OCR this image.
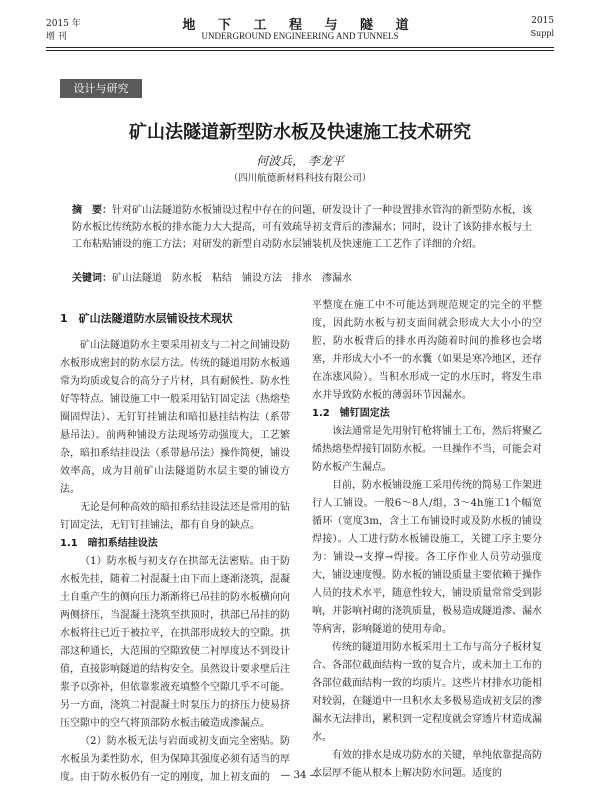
2015 年
增 刊
地 下 工 程 与 隧 道
UNDERGROUND ENGINEERING AND TUNNELS
2015
Suppl
设计与研究
矿山法隧道新型防水板及快速施工技术研究
何波兵， 李龙平
（四川航德新材料科技有限公司）
摘　要：针对矿山法隧道防水板铺设过程中存在的问题，研发设计了一种设置排水管沟的新型防水板，该防水板比传统防水板的排水能力大大提高，可有效疏导初支背后的渗漏水；同时，设计了该防排水板与土工布粘贴铺设的施工方法；对研发的新型自动防水层铺装机及快速施工工艺作了详细的介绍。
关键词：矿山法隧道　防水板　粘结　铺设方法　排水　渗漏水
1　矿山法隧道防水层铺设技术现状

矿山法隧道防水主要采用初支与二衬之间铺设防水板形成密封的防水层方法。传统的隧道用防水板通常为均质或复合的高分子片材，具有耐候性、防水性好等特点。铺设施工中一般采用钻钉固定法（热熔垫圈固焊法）、无钉钉挂铺法和暗扣悬挂结构法（系带悬吊法）。前两种铺设方法现场劳动强度大，工艺繁杂，暗扣系结挂设法（系带悬吊法）操作简便，铺设效率高，成为目前矿山法隧道防水层主要的铺设方法。

无论是何种高效的暗扣系结挂设法还是常用的钻钉固定法，无钉钉挂铺法，都有自身的缺点。

1.1　暗扣系结挂设法

（1）防水板与初支存在拱部无法密贴。由于防水板先挂，随着二衬混凝土由下而上逐渐浇筑，混凝土自重产生的侧向压力渐渐将已吊挂的防水板横向向两侧挤压，当混凝土浇筑至拱顶时，拱部已吊挂的防水板将往已近于被拉平，在拱部形成较大的空隙。拱部这种通长，大范围的空隙致使二衬厚度达不到设计值，直接影响隧道的结构安全。虽然设计要求壁后注浆予以弥补，但依靠浆液充填整个空隙几乎不可能。另一方面，浇筑二衬混凝土时泵压力的挤压力使易挤压空隙中的空气将顶部防水板击破造成渗漏点。

（2）防水板无法与岩面或初支面完全密贴。防水板虽为柔性防水，但为保障其强度必须有适当的厚度。由于防水板仍有一定的刚度，加上初支面的

平整度在施工中不可能达到规范规定的完全的平整度，因此防水板与初支面间就会形成大大小小的空腔，防水板背后的排水再沟随着时间的推移也会堵塞，并形成大小不一的水囊（如果是寒冷地区，还存在冻涨风险）。当积水形成一定的水压时，将发生串水并导致防水板的薄弱环节因漏水。

1.2　铺钉固定法

该法通常是先用射钉枪将铺土工布，然后将聚乙烯热熔垫焊接钉固防水板。一旦操作不当，可能会对防水板产生漏点。

目前，防水板铺设施工采用传统的简易工作架进行人工铺设。一般6～8人/组，3～4h施工1个幅宽循环（宽度3m，含土工布铺设时或及防水板的铺设焊接）。人工进行防水板铺设施工，关键工序主要分为：铺设→支撑→焊接。各工序作业人员劳动强度大，铺设速度慢。防水板的铺设质量主要依赖于操作人员的技术水平，随意性较大，铺设质量常常受到影响，并影响衬砌的浇筑质量，极易造成隧道渗、漏水等病害，影响隧道的使用寿命。

传统的隧道用防水板采用土工布与高分子板材复合、各部位截面结构一致的复合片，或未加土工布的各部位截面结构一致的均质片。这些片材排水功能相对较弱，在隧道中一旦积水太多极易造成初支层的渗漏水无法排出，累积到一定程度就会穿透片材造成漏水。

有效的排水是成功防水的关键，单纯依靠提高防水层厚不能从根本上解决防水问题。适度的

— 34 —
